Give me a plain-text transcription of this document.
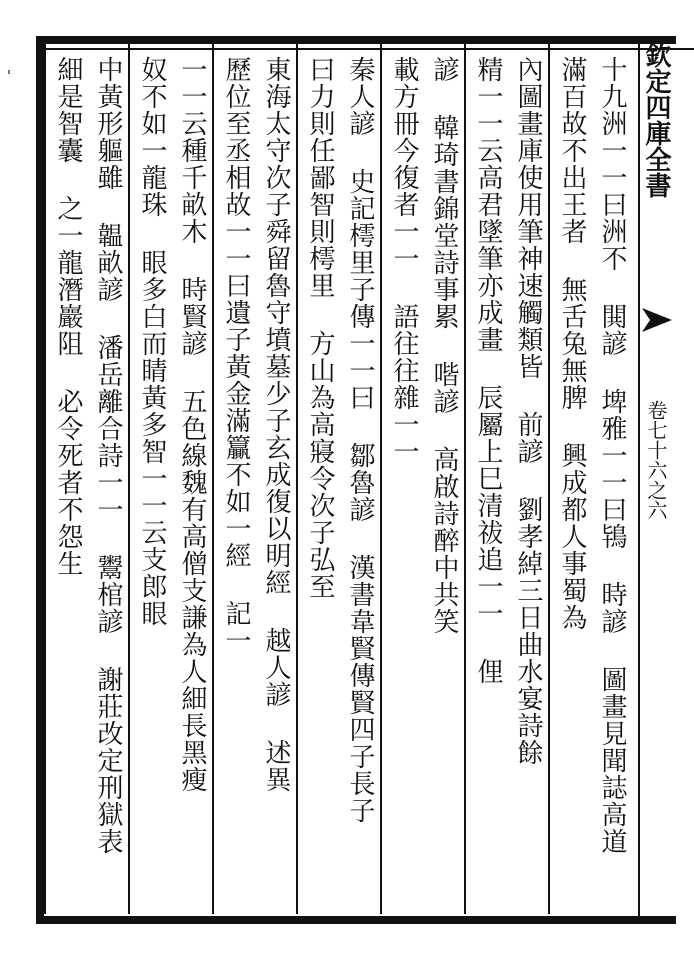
欽定四庫全書
卷七十六之六
十九洲一一曰洲不 閧諺 埤雅一一曰鴇 時諺 圖畫見聞誌高道
滿百故不出王者 無舌兔無脾 興成都人事蜀為
內圖畫庫使用筆神速觸類皆 前諺 劉孝綽三日曲水宴詩餘
精一一云高君墜筆亦成畫 辰屬上巳清祓追一一 俚
諺 韓琦書錦堂詩事累 喈諺 高啟詩醉中共笑
載方冊今復者一一 語往往雜一一
秦人諺 史記樗里子傳一一曰 鄒魯諺 漢書韋賢傳賢四子長子
曰力則任鄙智則樗里 方山為高寢令次子弘至
東海太守次子舜留魯守墳墓少子玄成復以明經 越人諺 述異
歷位至丞相故一一曰遺子黃金滿籯不如一經 記一
一一云種千畝木 時賢諺 五色線魏有高僧支謙為人細長黑瘦
奴不如一龍珠 眼多白而睛黃多智一一云支郎眼
中黃形軀雖 韞畝諺 潘岳離合詩一一 鬻棺諺 謝莊改定刑獄表
細是智囊 之一龍潛巖阻 必令死者不怨生
